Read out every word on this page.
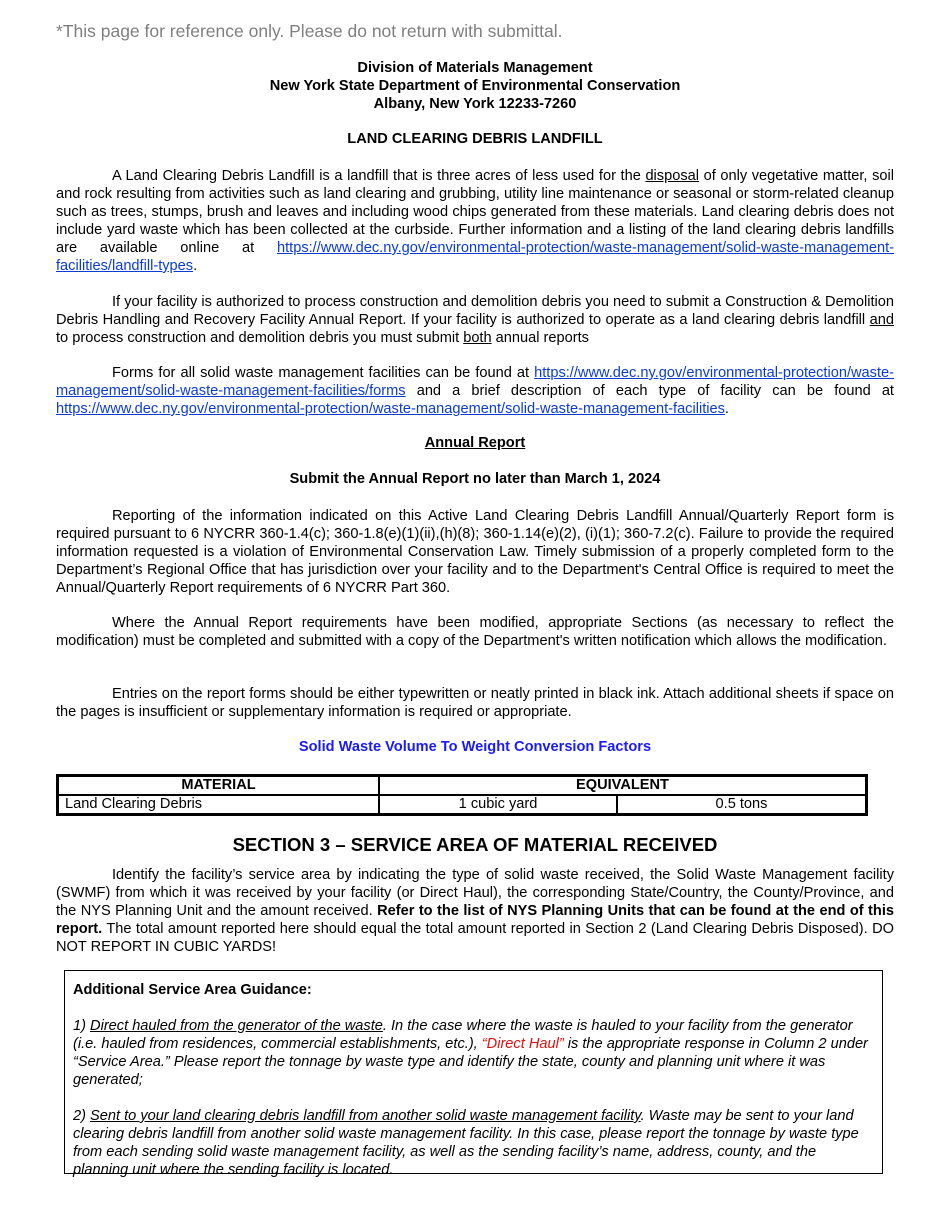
*This page for reference only. Please do not return with submittal.
Division of Materials Management
New York State Department of Environmental Conservation
Albany, New York 12233-7260
LAND CLEARING DEBRIS LANDFILL
A Land Clearing Debris Landfill is a landfill that is three acres of less used for the disposal of only vegetative matter, soil and rock resulting from activities such as land clearing and grubbing, utility line maintenance or seasonal or storm-related cleanup such as trees, stumps, brush and leaves and including wood chips generated from these materials. Land clearing debris does not include yard waste which has been collected at the curbside. Further information and a listing of the land clearing debris landfills are available online at https://www.dec.ny.gov/environmental-protection/waste-management/solid-waste-management-facilities/landfill-types.
If your facility is authorized to process construction and demolition debris you need to submit a Construction & Demolition Debris Handling and Recovery Facility Annual Report. If your facility is authorized to operate as a land clearing debris landfill and to process construction and demolition debris you must submit both annual reports
Forms for all solid waste management facilities can be found at https://www.dec.ny.gov/environmental-protection/waste-management/solid-waste-management-facilities/forms and a brief description of each type of facility can be found at https://www.dec.ny.gov/environmental-protection/waste-management/solid-waste-management-facilities.
Annual Report
Submit the Annual Report no later than March 1, 2024
Reporting of the information indicated on this Active Land Clearing Debris Landfill Annual/Quarterly Report form is required pursuant to 6 NYCRR 360-1.4(c); 360-1.8(e)(1)(ii),(h)(8); 360-1.14(e)(2), (i)(1); 360-7.2(c). Failure to provide the required information requested is a violation of Environmental Conservation Law. Timely submission of a properly completed form to the Department’s Regional Office that has jurisdiction over your facility and to the Department's Central Office is required to meet the Annual/Quarterly Report requirements of 6 NYCRR Part 360.
Where the Annual Report requirements have been modified, appropriate Sections (as necessary to reflect the modification) must be completed and submitted with a copy of the Department's written notification which allows the modification.
Entries on the report forms should be either typewritten or neatly printed in black ink. Attach additional sheets if space on the pages is insufficient or supplementary information is required or appropriate.
Solid Waste Volume To Weight Conversion Factors
MATERIAL	EQUIVALENT	
Land Clearing Debris	1 cubic yard	0.5 tons
SECTION 3 – SERVICE AREA OF MATERIAL RECEIVED
Identify the facility’s service area by indicating the type of solid waste received, the Solid Waste Management facility (SWMF) from which it was received by your facility (or Direct Haul), the corresponding State/Country, the County/Province, and the NYS Planning Unit and the amount received. Refer to the list of NYS Planning Units that can be found at the end of this report. The total amount reported here should equal the total amount reported in Section 2 (Land Clearing Debris Disposed). DO NOT REPORT IN CUBIC YARDS!
Additional Service Area Guidance:
1) Direct hauled from the generator of the waste. In the case where the waste is hauled to your facility from the generator (i.e. hauled from residences, commercial establishments, etc.), “Direct Haul” is the appropriate response in Column 2 under “Service Area.” Please report the tonnage by waste type and identify the state, county and planning unit where it was generated;
2) Sent to your land clearing debris landfill from another solid waste management facility. Waste may be sent to your land clearing debris landfill from another solid waste management facility. In this case, please report the tonnage by waste type from each sending solid waste management facility, as well as the sending facility’s name, address, county, and the planning unit where the sending facility is located.
